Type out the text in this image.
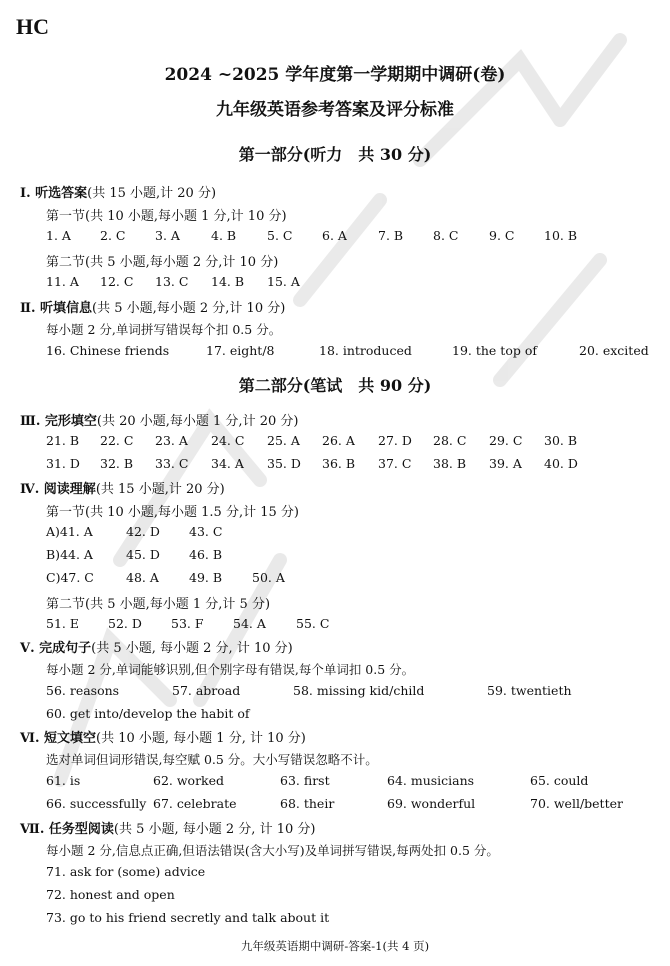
HC
2024 ~2025 学年度第一学期期中调研(卷)
九年级英语参考答案及评分标准
第一部分(听力　共 30 分)
Ⅰ. 听选答案(共 15 小题,计 20 分)
第一节(共 10 小题,每小题 1 分,计 10 分)
1. A 2. C 3. A 4. B 5. C 6. A 7. B 8. C 9. C 10. B
第二节(共 5 小题,每小题 2 分,计 10 分)
11. A 12. C 13. C 14. B 15. A
Ⅱ. 听填信息(共 5 小题,每小题 2 分,计 10 分)
每小题 2 分,单词拼写错误每个扣 0.5 分。
16. Chinese friends	17. eight/8	18. introduced	19. the top of	20. excited
第二部分(笔试　共 90 分)
Ⅲ. 完形填空(共 20 小题,每小题 1 分,计 20 分)
21. B 22. C 23. A 24. C 25. A 26. A 27. D 28. C 29. C 30. B
31. D 32. B 33. C 34. A 35. D 36. B 37. C 38. B 39. A 40. D
Ⅳ. 阅读理解(共 15 小题,计 20 分)
第一节(共 10 小题,每小题 1.5 分,计 15 分)
A)41. A	42. D 43. C
B)44. A	45. D 46. B
C)47. C	48. A 49. B 50. A
第二节(共 5 小题,每小题 1 分,计 5 分)
51. E 52. D 53. F 54. A 55. C
Ⅴ. 完成句子(共 5 小题, 每小题 2 分, 计 10 分)
每小题 2 分,单词能够识别,但个别字母有错误,每个单词扣 0.5 分。
56. reasons	57. abroad	58. missing kid/child	59. twentieth
60. get into/develop the habit of
Ⅵ. 短文填空(共 10 小题, 每小题 1 分, 计 10 分)
选对单词但词形错误,每空赋 0.5 分。大小写错误忽略不计。
61. is	62. worked	63. first	64. musicians	65. could
66. successfully 67. celebrate	68. their	69. wonderful	70. well/better
Ⅶ. 任务型阅读(共 5 小题, 每小题 2 分, 计 10 分)
每小题 2 分,信息点正确,但语法错误(含大小写)及单词拼写错误,每两处扣 0.5 分。
71. ask for (some) advice
72. honest and open
73. go to his friend secretly and talk about it
九年级英语期中调研-答案-1(共 4 页)
